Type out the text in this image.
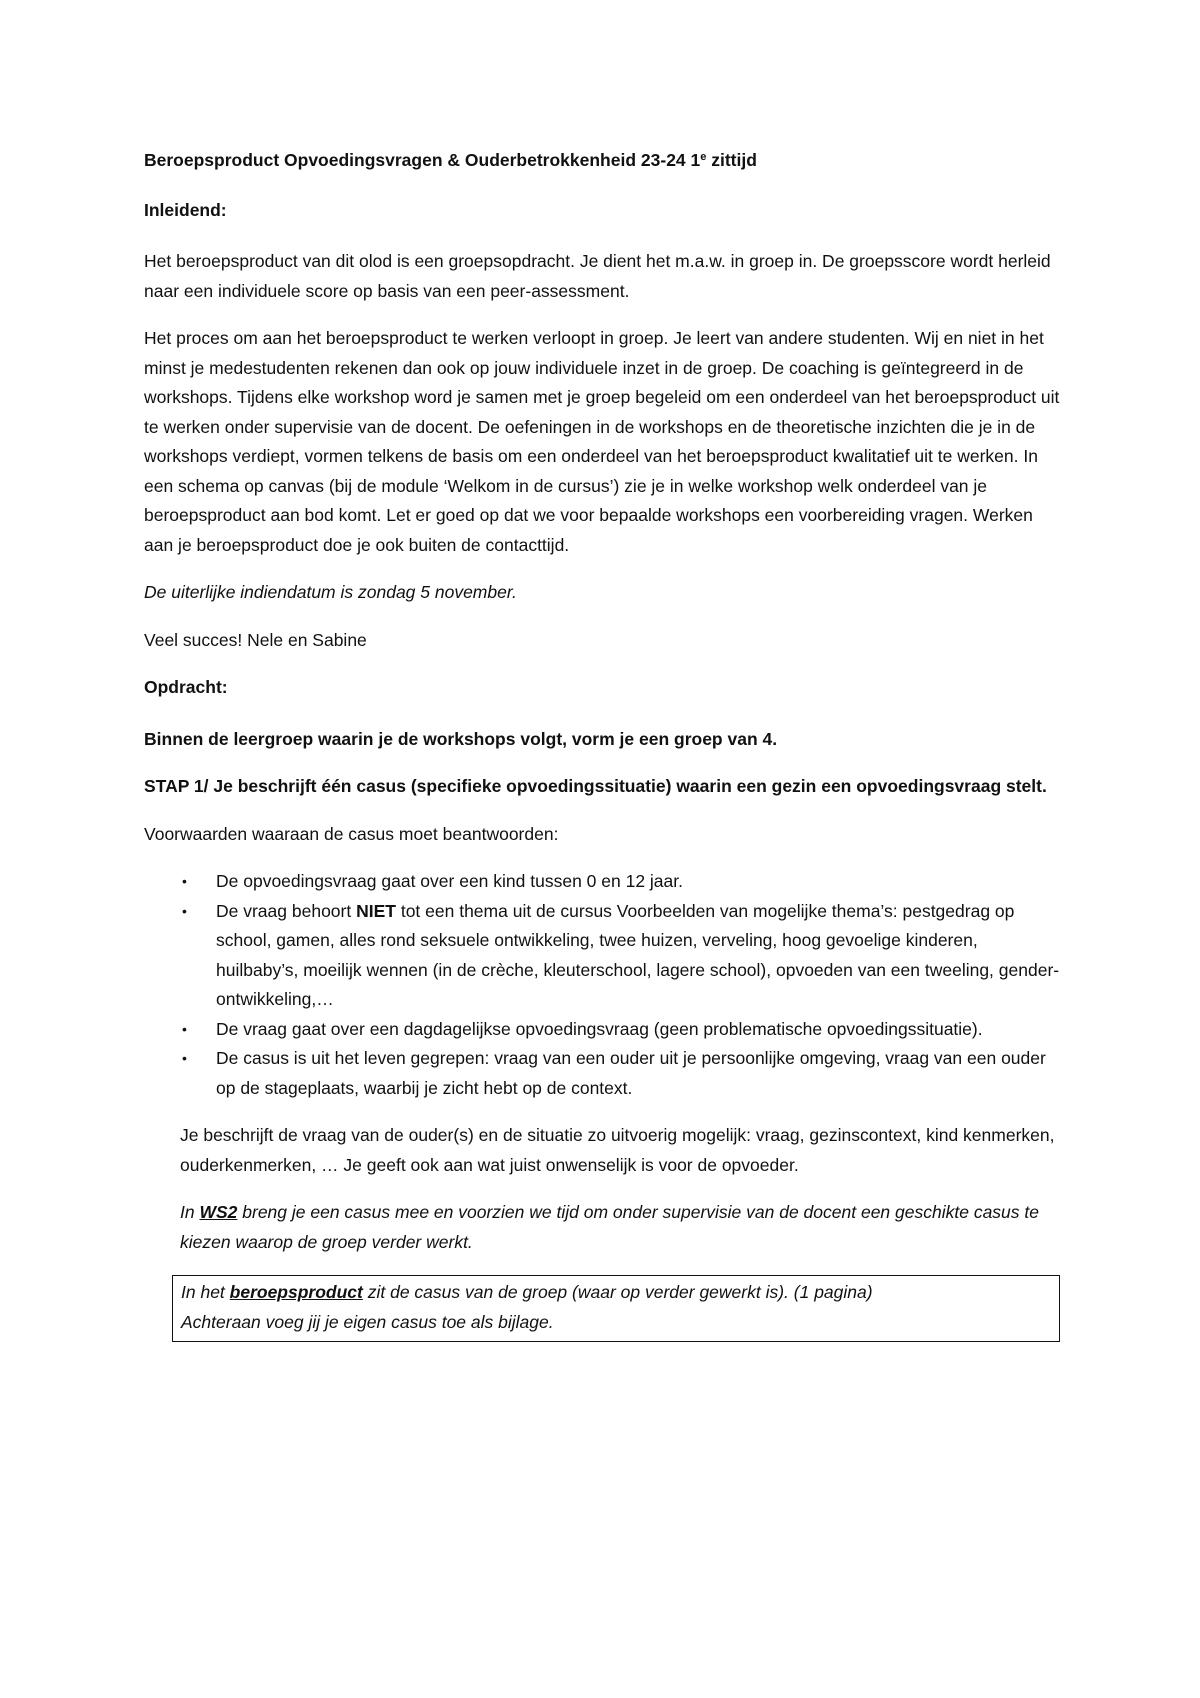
Beroepsproduct Opvoedingsvragen & Ouderbetrokkenheid 23-24 1e zittijd

Inleidend:

Het beroepsproduct van dit olod is een groepsopdracht. Je dient het m.a.w. in groep in. De groepsscore wordt herleid naar een individuele score op basis van een peer-assessment.

Het proces om aan het beroepsproduct te werken verloopt in groep. Je leert van andere studenten. Wij en niet in het minst je medestudenten rekenen dan ook op jouw individuele inzet in de groep. De coaching is geïntegreerd in de workshops. Tijdens elke workshop word je samen met je groep begeleid om een onderdeel van het beroepsproduct uit te werken onder supervisie van de docent. De oefeningen in de workshops en de theoretische inzichten die je in de workshops verdiept, vormen telkens de basis om een onderdeel van het beroepsproduct kwalitatief uit te werken. In een schema op canvas (bij de module ‘Welkom in de cursus’) zie je in welke workshop welk onderdeel van je beroepsproduct aan bod komt. Let er goed op dat we voor bepaalde workshops een voorbereiding vragen. Werken aan je beroepsproduct doe je ook buiten de contacttijd.

De uiterlijke indiendatum is zondag 5 november.

Veel succes! Nele en Sabine

Opdracht:

Binnen de leergroep waarin je de workshops volgt, vorm je een groep van 4.

STAP 1/ Je beschrijft één casus (specifieke opvoedingssituatie) waarin een gezin een opvoedingsvraag stelt.

Voorwaarden waaraan de casus moet beantwoorden:

• De opvoedingsvraag gaat over een kind tussen 0 en 12 jaar.
• De vraag behoort NIET tot een thema uit de cursus Voorbeelden van mogelijke thema’s: pestgedrag op school, gamen, alles rond seksuele ontwikkeling, twee huizen, verveling, hoog gevoelige kinderen, huilbaby’s, moeilijk wennen (in de crèche, kleuterschool, lagere school), opvoeden van een tweeling, gender-ontwikkeling,…
• De vraag gaat over een dagdagelijkse opvoedingsvraag (geen problematische opvoedingssituatie).
• De casus is uit het leven gegrepen: vraag van een ouder uit je persoonlijke omgeving, vraag van een ouder op de stageplaats, waarbij je zicht hebt op de context.

Je beschrijft de vraag van de ouder(s) en de situatie zo uitvoerig mogelijk: vraag, gezinscontext, kind kenmerken, ouderkenmerken, … Je geeft ook aan wat juist onwenselijk is voor de opvoeder.

In WS2 breng je een casus mee en voorzien we tijd om onder supervisie van de docent een geschikte casus te kiezen waarop de groep verder werkt.

In het beroepsproduct zit de casus van de groep (waar op verder gewerkt is). (1 pagina)

Achteraan voeg jij je eigen casus toe als bijlage.
